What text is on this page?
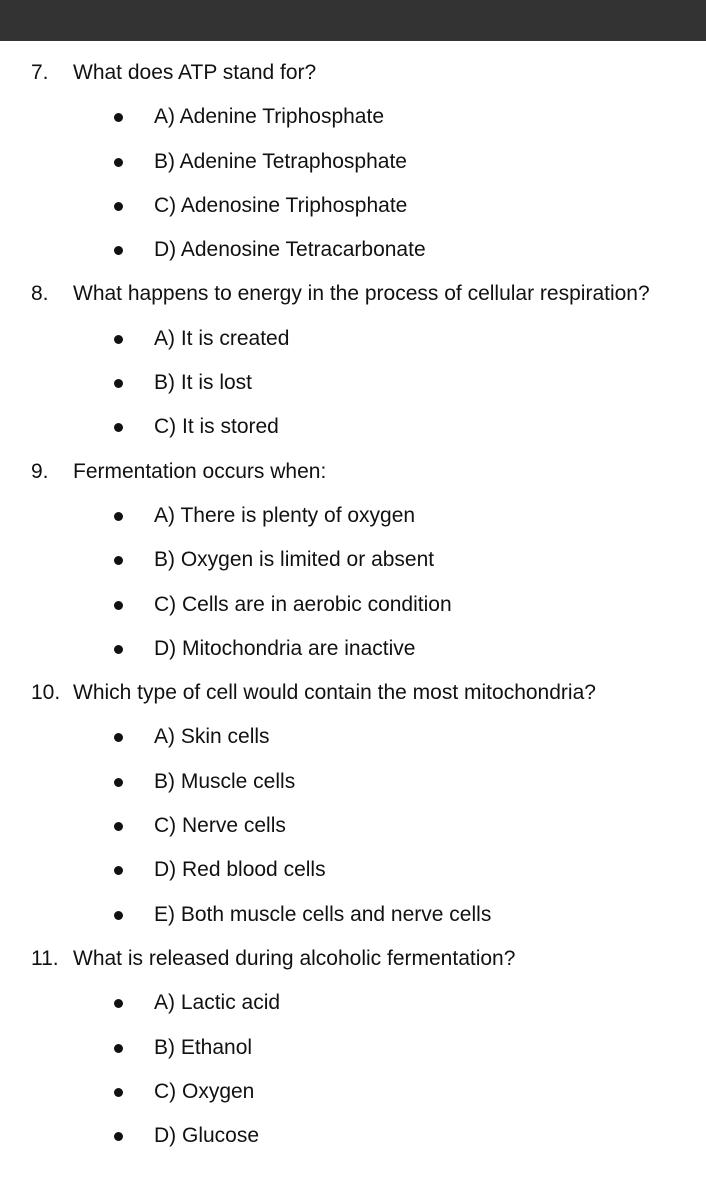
7. What does ATP stand for?
A) Adenine Triphosphate
B) Adenine Tetraphosphate
C) Adenosine Triphosphate
D) Adenosine Tetracarbonate
8. What happens to energy in the process of cellular respiration?
A) It is created
B) It is lost
C) It is stored
9. Fermentation occurs when:
A) There is plenty of oxygen
B) Oxygen is limited or absent
C) Cells are in aerobic condition
D) Mitochondria are inactive
10. Which type of cell would contain the most mitochondria?
A) Skin cells
B) Muscle cells
C) Nerve cells
D) Red blood cells
E) Both muscle cells and nerve cells
11. What is released during alcoholic fermentation?
A) Lactic acid
B) Ethanol
C) Oxygen
D) Glucose
